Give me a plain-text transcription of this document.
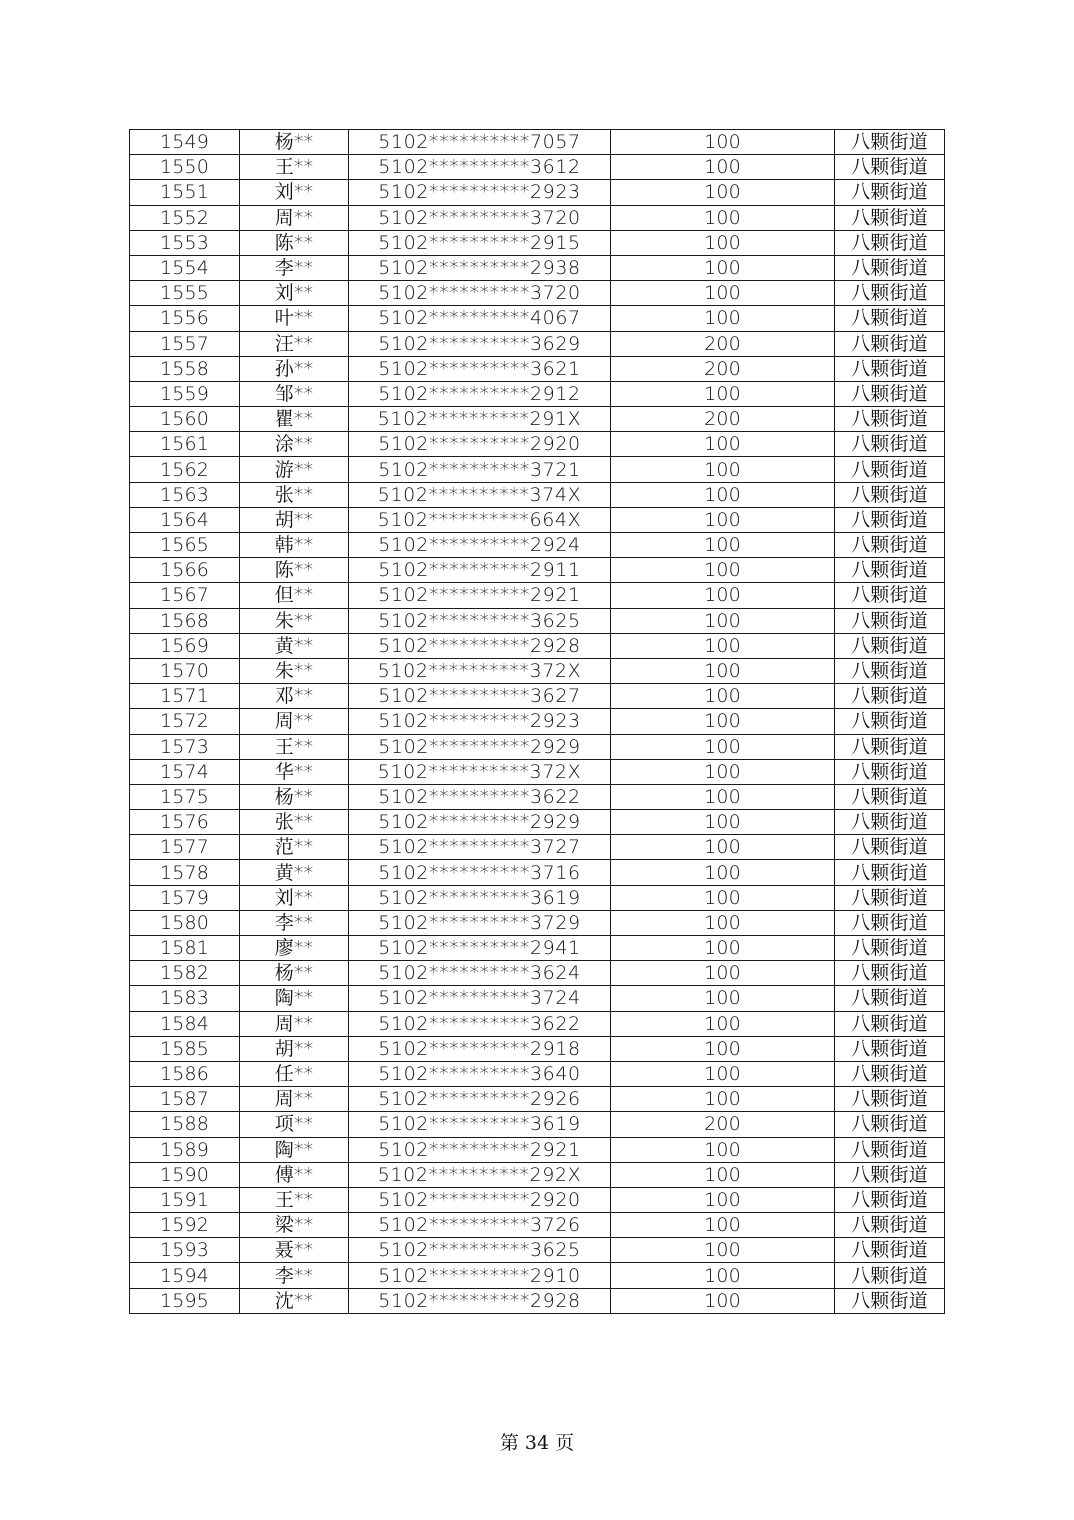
1549	杨**	5102**********7057	100	八颗街道
1550	王**	5102**********3612	100	八颗街道
1551	刘**	5102**********2923	100	八颗街道
1552	周**	5102**********3720	100	八颗街道
1553	陈**	5102**********2915	100	八颗街道
1554	李**	5102**********2938	100	八颗街道
1555	刘**	5102**********3720	100	八颗街道
1556	叶**	5102**********4067	100	八颗街道
1557	汪**	5102**********3629	200	八颗街道
1558	孙**	5102**********3621	200	八颗街道
1559	邹**	5102**********2912	100	八颗街道
1560	瞿**	5102**********291X	200	八颗街道
1561	涂**	5102**********2920	100	八颗街道
1562	游**	5102**********3721	100	八颗街道
1563	张**	5102**********374X	100	八颗街道
1564	胡**	5102**********664X	100	八颗街道
1565	韩**	5102**********2924	100	八颗街道
1566	陈**	5102**********2911	100	八颗街道
1567	但**	5102**********2921	100	八颗街道
1568	朱**	5102**********3625	100	八颗街道
1569	黄**	5102**********2928	100	八颗街道
1570	朱**	5102**********372X	100	八颗街道
1571	邓**	5102**********3627	100	八颗街道
1572	周**	5102**********2923	100	八颗街道
1573	王**	5102**********2929	100	八颗街道
1574	华**	5102**********372X	100	八颗街道
1575	杨**	5102**********3622	100	八颗街道
1576	张**	5102**********2929	100	八颗街道
1577	范**	5102**********3727	100	八颗街道
1578	黄**	5102**********3716	100	八颗街道
1579	刘**	5102**********3619	100	八颗街道
1580	李**	5102**********3729	100	八颗街道
1581	廖**	5102**********2941	100	八颗街道
1582	杨**	5102**********3624	100	八颗街道
1583	陶**	5102**********3724	100	八颗街道
1584	周**	5102**********3622	100	八颗街道
1585	胡**	5102**********2918	100	八颗街道
1586	任**	5102**********3640	100	八颗街道
1587	周**	5102**********2926	100	八颗街道
1588	项**	5102**********3619	200	八颗街道
1589	陶**	5102**********2921	100	八颗街道
1590	傅**	5102**********292X	100	八颗街道
1591	王**	5102**********2920	100	八颗街道
1592	梁**	5102**********3726	100	八颗街道
1593	聂**	5102**********3625	100	八颗街道
1594	李**	5102**********2910	100	八颗街道
1595	沈**	5102**********2928	100	八颗街道
第 34 页
